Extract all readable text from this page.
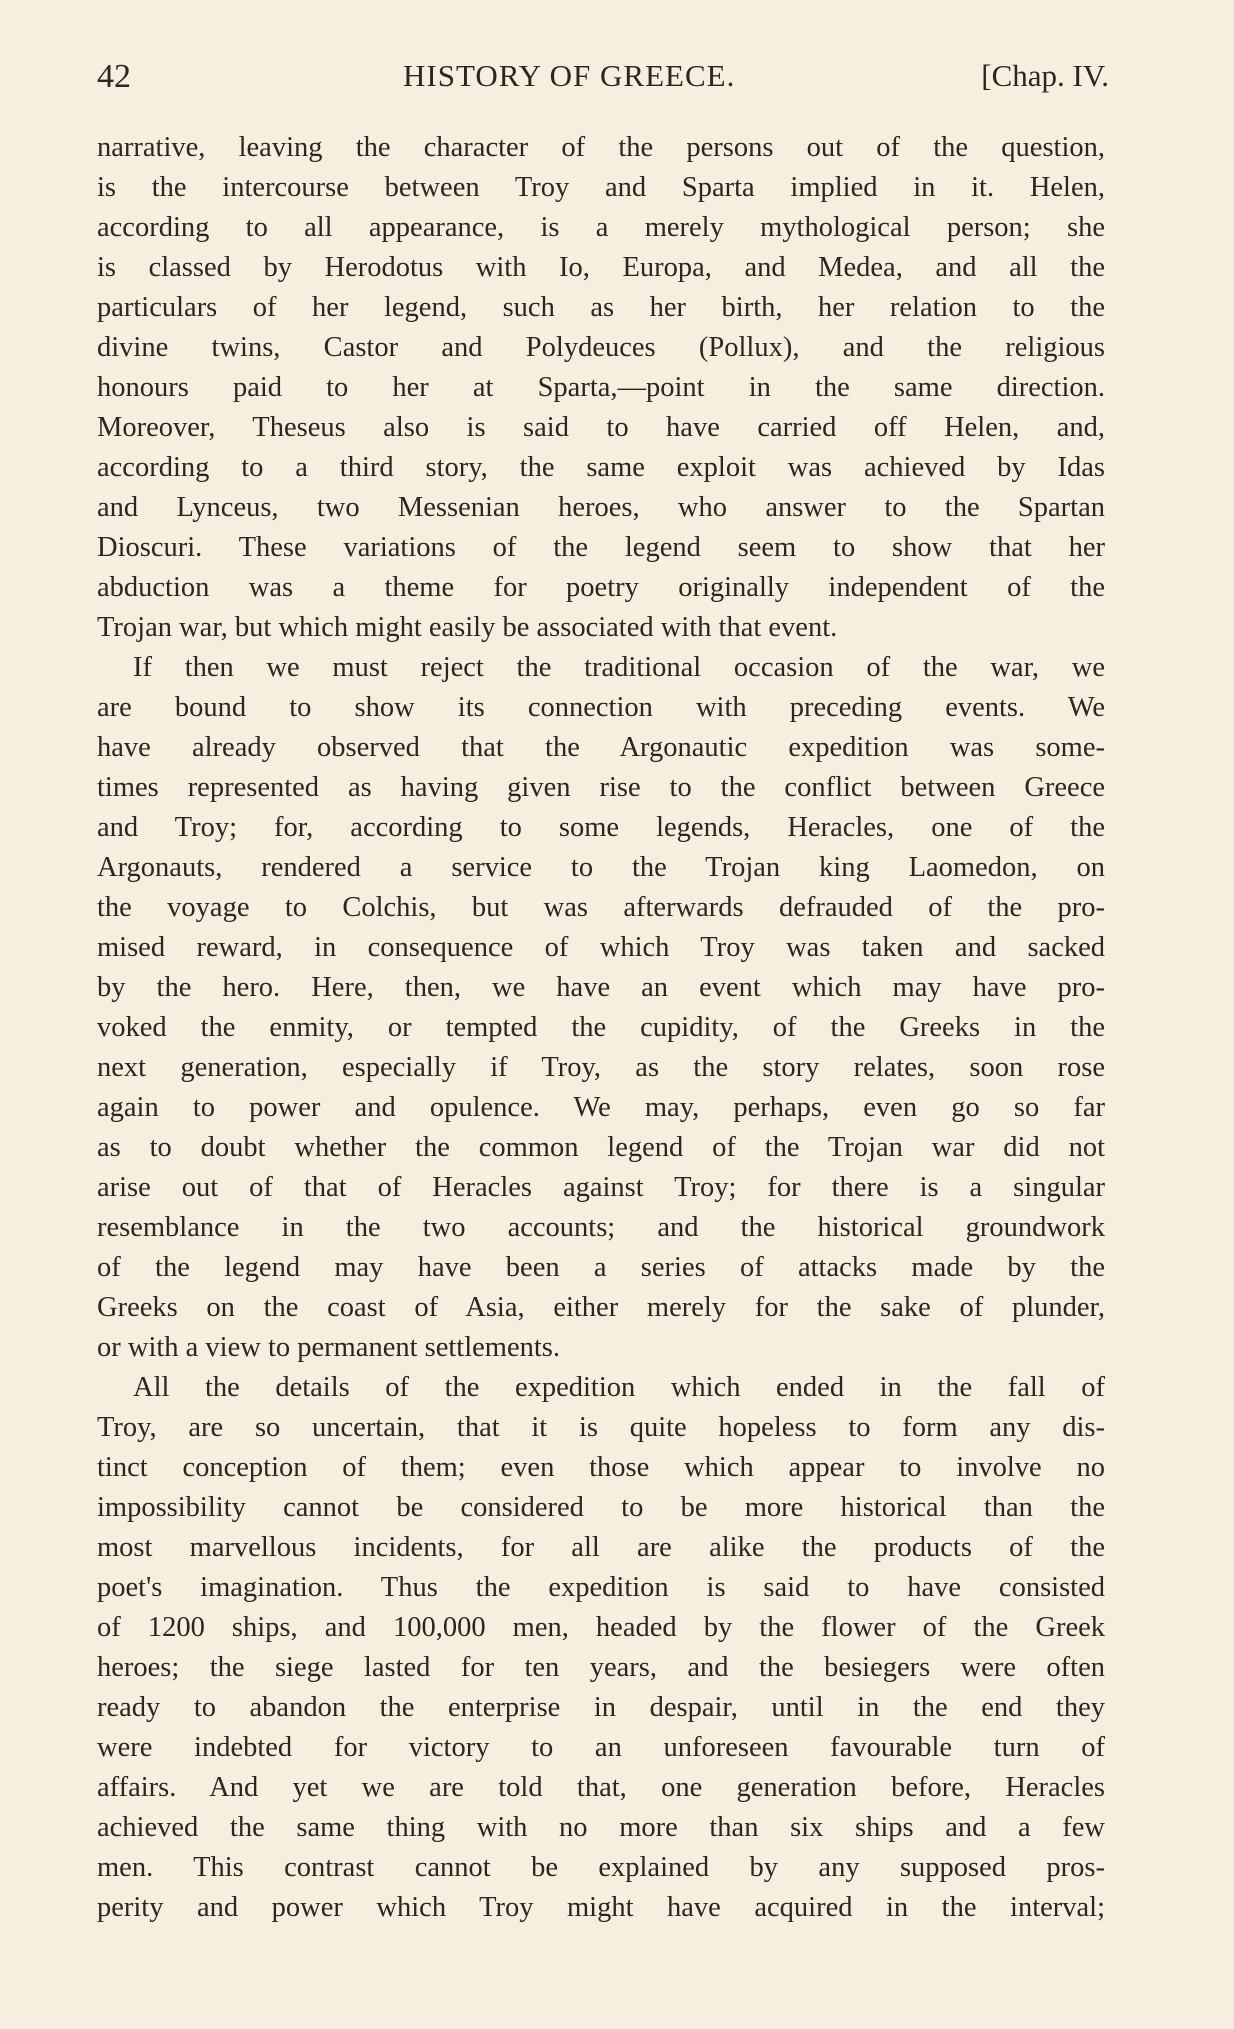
42	HISTORY OF GREECE.	[Chap. IV.
narrative, leaving the character of the persons out of the question,
is the intercourse between Troy and Sparta implied in it. Helen,
according to all appearance, is a merely mythological person; she
is classed by Herodotus with Io, Europa, and Medea, and all the
particulars of her legend, such as her birth, her relation to the
divine twins, Castor and Polydeuces (Pollux), and the religious
honours paid to her at Sparta,—point in the same direction.
Moreover, Theseus also is said to have carried off Helen, and,
according to a third story, the same exploit was achieved by Idas
and Lynceus, two Messenian heroes, who answer to the Spartan
Dioscuri. These variations of the legend seem to show that her
abduction was a theme for poetry originally independent of the
Trojan war, but which might easily be associated with that event.
If then we must reject the traditional occasion of the war, we
are bound to show its connection with preceding events. We
have already observed that the Argonautic expedition was some-
times represented as having given rise to the conflict between Greece
and Troy; for, according to some legends, Heracles, one of the
Argonauts, rendered a service to the Trojan king Laomedon, on
the voyage to Colchis, but was afterwards defrauded of the pro-
mised reward, in consequence of which Troy was taken and sacked
by the hero. Here, then, we have an event which may have pro-
voked the enmity, or tempted the cupidity, of the Greeks in the
next generation, especially if Troy, as the story relates, soon rose
again to power and opulence. We may, perhaps, even go so far
as to doubt whether the common legend of the Trojan war did not
arise out of that of Heracles against Troy; for there is a singular
resemblance in the two accounts; and the historical groundwork
of the legend may have been a series of attacks made by the
Greeks on the coast of Asia, either merely for the sake of plunder,
or with a view to permanent settlements.
All the details of the expedition which ended in the fall of
Troy, are so uncertain, that it is quite hopeless to form any dis-
tinct conception of them; even those which appear to involve no
impossibility cannot be considered to be more historical than the
most marvellous incidents, for all are alike the products of the
poet's imagination. Thus the expedition is said to have consisted
of 1200 ships, and 100,000 men, headed by the flower of the Greek
heroes; the siege lasted for ten years, and the besiegers were often
ready to abandon the enterprise in despair, until in the end they
were indebted for victory to an unforeseen favourable turn of
affairs. And yet we are told that, one generation before, Heracles
achieved the same thing with no more than six ships and a few
men. This contrast cannot be explained by any supposed pros-
perity and power which Troy might have acquired in the interval;
